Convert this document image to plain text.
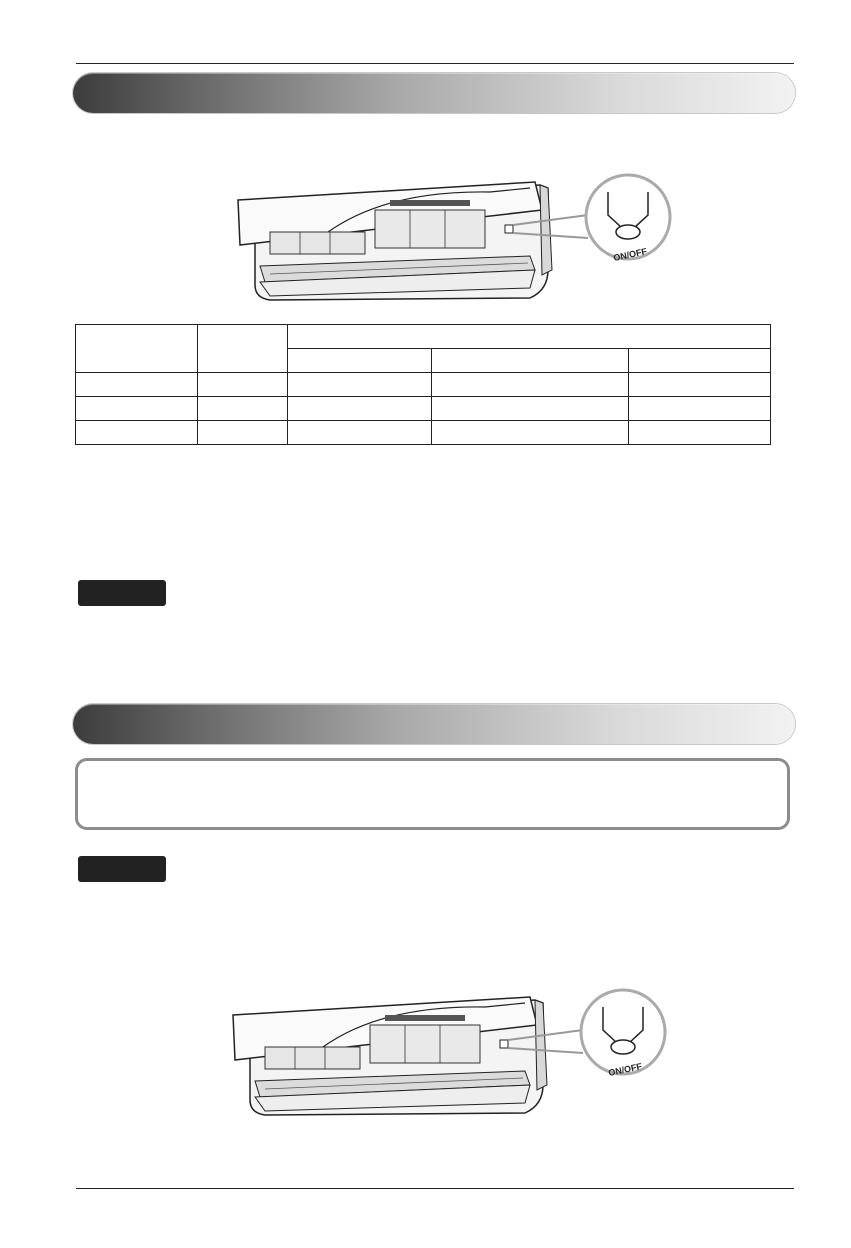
ON/OFF

ON/OFF
